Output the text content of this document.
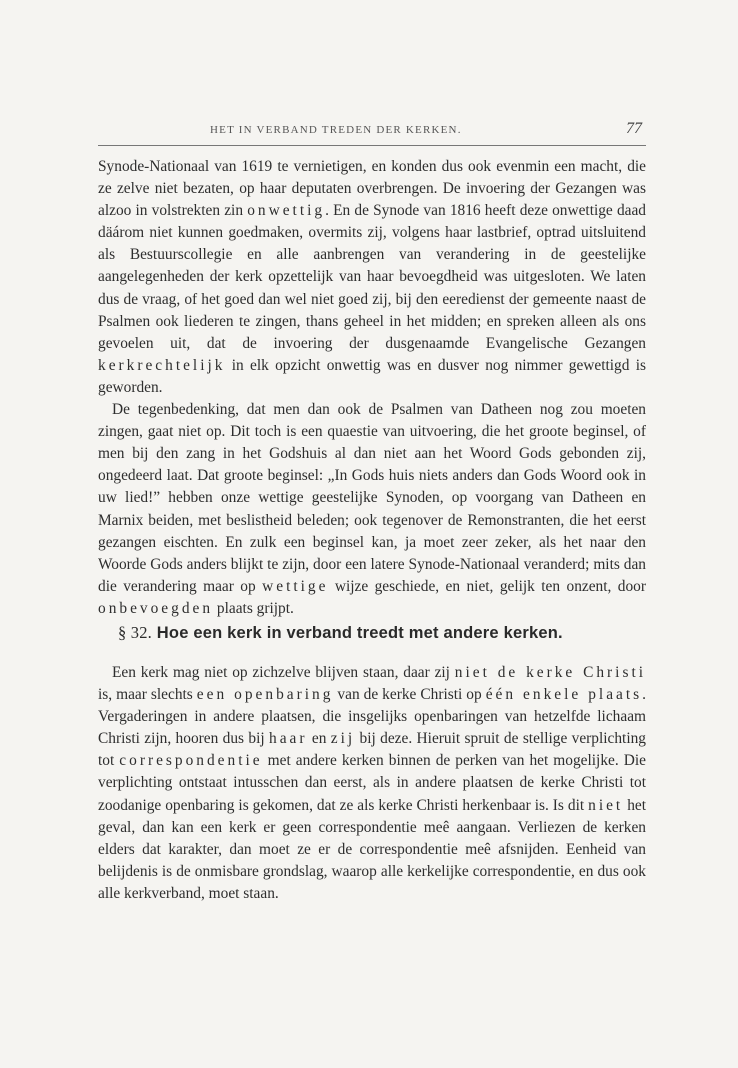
HET IN VERBAND TREDEN DER KERKEN.	77

Synode-Nationaal van 1619 te vernietigen, en konden dus ook evenmin een macht, die ze zelve niet bezaten, op haar deputaten overbrengen. De invoering der Gezangen was alzoo in volstrekten zin onwettig. En de Synode van 1816 heeft deze onwettige daad däárom niet kunnen goedmaken, overmits zij, volgens haar lastbrief, optrad uitsluitend als Bestuurscollegie en alle aanbrengen van verandering in de geestelijke aangelegenheden der kerk opzettelijk van haar bevoegdheid was uitgesloten. We laten dus de vraag, of het goed dan wel niet goed zij, bij den eeredienst der gemeente naast de Psalmen ook liederen te zingen, thans geheel in het midden; en spreken alleen als ons gevoelen uit, dat de invoering der dusgenaamde Evangelische Gezangen kerkrechtelijk in elk opzicht onwettig was en dusver nog nimmer gewettigd is geworden.

De tegenbedenking, dat men dan ook de Psalmen van Datheen nog zou moeten zingen, gaat niet op. Dit toch is een quaestie van uitvoering, die het groote beginsel, of men bij den zang in het Godshuis al dan niet aan het Woord Gods gebonden zij, ongedeerd laat. Dat groote beginsel: „In Gods huis niets anders dan Gods Woord ook in uw lied!” hebben onze wettige geestelijke Synoden, op voorgang van Datheen en Marnix beiden, met beslistheid beleden; ook tegenover de Remonstranten, die het eerst gezangen eischten. En zulk een beginsel kan, ja moet zeer zeker, als het naar den Woorde Gods anders blijkt te zijn, door een latere Synode-Nationaal veranderd; mits dan die verandering maar op wettige wijze geschiede, en niet, gelijk ten onzent, door onbevoegden plaats grijpt.

§ 32. Hoe een kerk in verband treedt met andere kerken.

Een kerk mag niet op zichzelve blijven staan, daar zij niet de kerke Christi is, maar slechts een openbaring van de kerke Christi op één enkele plaats. Vergaderingen in andere plaatsen, die insgelijks openbaringen van hetzelfde lichaam Christi zijn, hooren dus bij haar en zij bij deze. Hieruit spruit de stellige verplichting tot correspondentie met andere kerken binnen de perken van het mogelijke. Die verplichting ontstaat intusschen dan eerst, als in andere plaatsen de kerke Christi tot zoodanige openbaring is gekomen, dat ze als kerke Christi herkenbaar is. Is dit niet het geval, dan kan een kerk er geen correspondentie meê aangaan. Verliezen de kerken elders dat karakter, dan moet ze er de correspondentie meê afsnijden. Eenheid van belijdenis is de onmisbare grondslag, waarop alle kerkelijke correspondentie, en dus ook alle kerkverband, moet staan.
